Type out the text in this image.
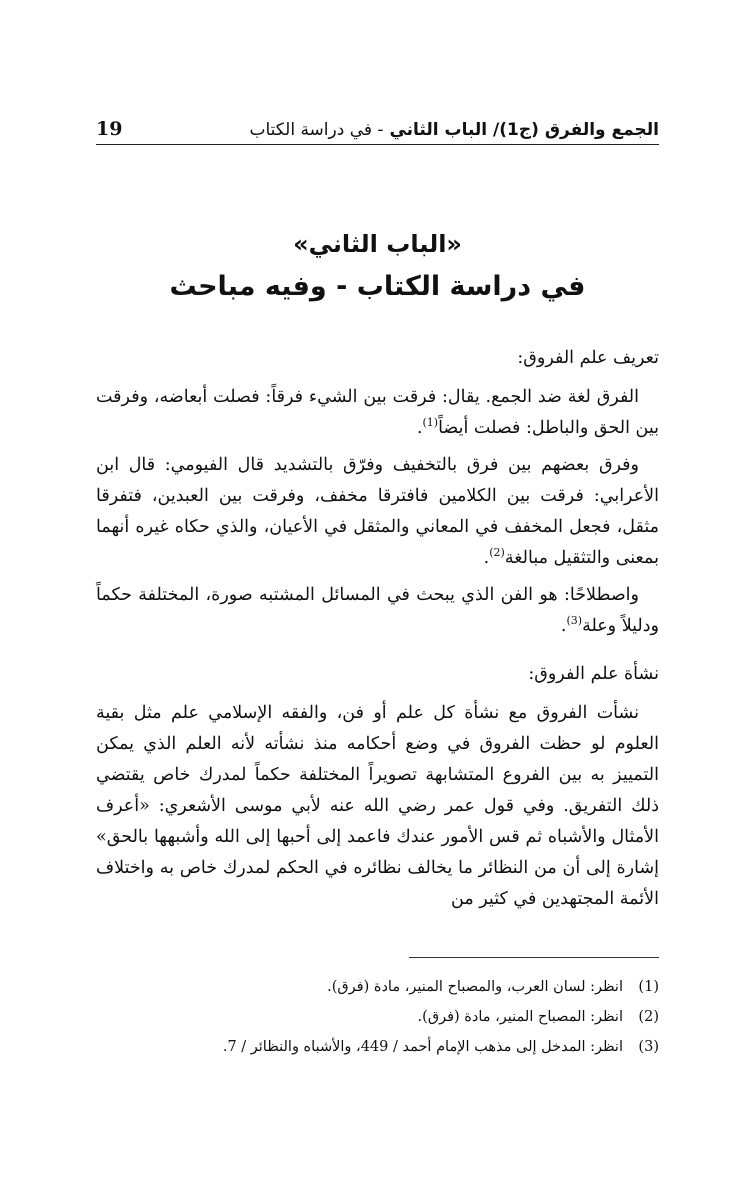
الجمع والفرق (ج1)/ الباب الثاني - في دراسة الكتاب
19
«الباب الثاني»
في دراسة الكتاب - وفيه مباحث

تعريف علم الفروق:

الفرق لغة ضد الجمع. يقال: فرقت بين الشيء فرقاً: فصلت أبعاضه، وفرقت بين الحق والباطل: فصلت أيضاً$^{(1)}$.

وفرق بعضهم بين فرق بالتخفيف وفرّق بالتشديد قال الفيومي: قال ابن الأعرابي: فرقت بين الكلامين فافترقا مخفف، وفرقت بين العبدين، فتفرقا مثقل، فجعل المخفف في المعاني والمثقل في الأعيان، والذي حكاه غيره أنهما بمعنى والتثقيل مبالغة$^{(2)}$.

واصطلاحًا: هو الفن الذي يبحث في المسائل المشتبه صورة، المختلفة حكماً ودليلاً وعلة$^{(3)}$.

نشأة علم الفروق:

نشأت الفروق مع نشأة كل علم أو فن، والفقه الإسلامي علم مثل بقية العلوم لو حظت الفروق في وضع أحكامه منذ نشأته لأنه العلم الذي يمكن التمييز به بين الفروع المتشابهة تصويراً المختلفة حكماً لمدرك خاص يقتضي ذلك التفريق. وفي قول عمر رضي الله عنه لأبي موسى الأشعري: «أعرف الأمثال والأشباه ثم قس الأمور عندك فاعمد إلى أحبها إلى الله وأشبهها بالحق» إشارة إلى أن من النظائر ما يخالف نظائره في الحكم لمدرك خاص به واختلاف الأئمة المجتهدين في كثير من

(1)
انظر: لسان العرب، والمصباح المنير، مادة (فرق).
(2)
انظر: المصباح المنير، مادة (فرق).
(3)
انظر: المدخل إلى مذهب الإمام أحمد / 449، والأشباه والنظائر / 7.
